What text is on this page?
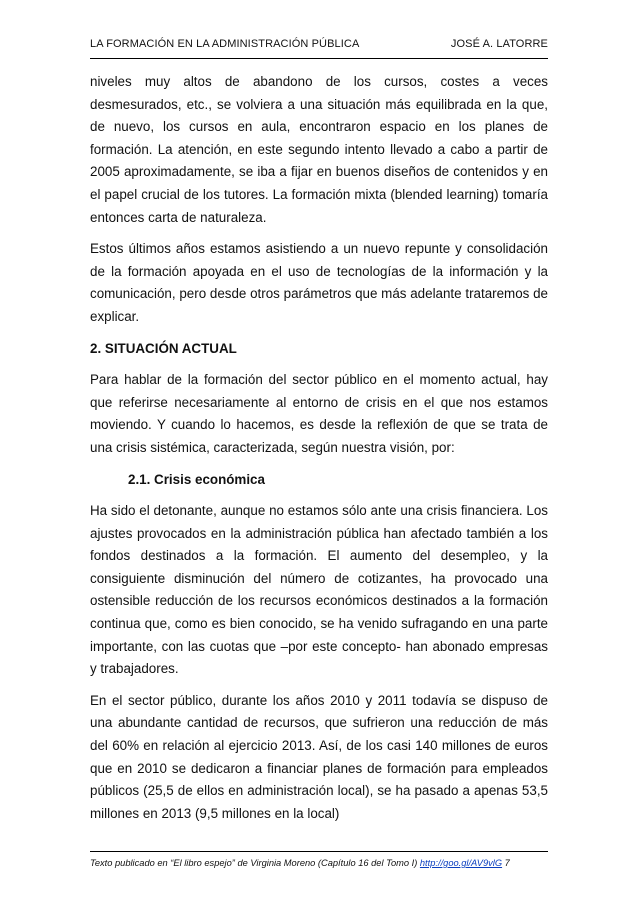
LA FORMACIÓN EN LA ADMINISTRACIÓN PÚBLICA	JOSÉ A. LATORRE

niveles muy altos de abandono de los cursos, costes a veces desmesurados, etc., se volviera a una situación más equilibrada en la que, de nuevo, los cursos en aula, encontraron espacio en los planes de formación. La atención, en este segundo intento llevado a cabo a partir de 2005 aproximadamente, se iba a fijar en buenos diseños de contenidos y en el papel crucial de los tutores. La formación mixta (blended learning) tomaría entonces carta de naturaleza.

Estos últimos años estamos asistiendo a un nuevo repunte y consolidación de la formación apoyada en el uso de tecnologías de la información y la comunicación, pero desde otros parámetros que más adelante trataremos de explicar.

2. SITUACIÓN ACTUAL

Para hablar de la formación del sector público en el momento actual, hay que referirse necesariamente al entorno de crisis en el que nos estamos moviendo. Y cuando lo hacemos, es desde la reflexión de que se trata de una crisis sistémica, caracterizada, según nuestra visión, por:

2.1. Crisis económica

Ha sido el detonante, aunque no estamos sólo ante una crisis financiera. Los ajustes provocados en la administración pública han afectado también a los fondos destinados a la formación. El aumento del desempleo, y la consiguiente disminución del número de cotizantes, ha provocado una ostensible reducción de los recursos económicos destinados a la formación continua que, como es bien conocido, se ha venido sufragando en una parte importante, con las cuotas que –por este concepto- han abonado empresas y trabajadores.

En el sector público, durante los años 2010 y 2011 todavía se dispuso de una abundante cantidad de recursos, que sufrieron una reducción de más del 60% en relación al ejercicio 2013. Así, de los casi 140 millones de euros que en 2010 se dedicaron a financiar planes de formación para empleados públicos (25,5 de ellos en administración local), se ha pasado a apenas 53,5 millones en 2013 (9,5 millones en la local)

Texto publicado en “El libro espejo” de Virginia Moreno (Capítulo 16 del Tomo I) http://goo.gl/AV9vlG 7
